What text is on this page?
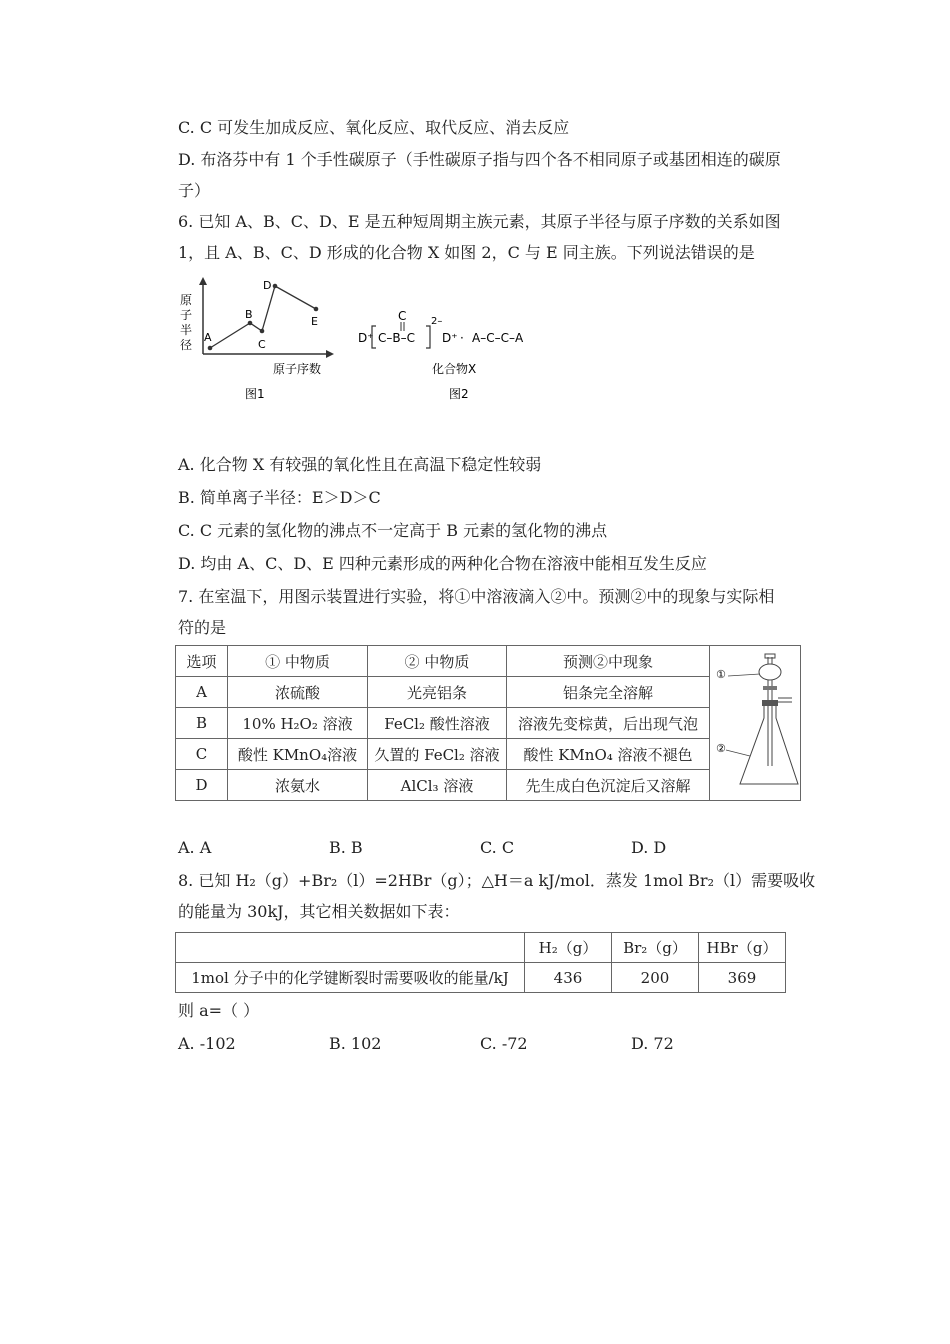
C. C 可发生加成反应、氧化反应、取代反应、消去反应
D. 布洛芬中有 1 个手性碳原子（手性碳原子指与四个各不相同原子或基团相连的碳原
子）
6. 已知 A、B、C、D、E 是五种短周期主族元素，其原子半径与原子序数的关系如图
1，且 A、B、C、D 形成的化合物 X 如图 2，C 与 E 同主族。下列说法错误的是
原
子
半
径
A
B
C
D
E
原子序数
图1
D⁺
C
C–B–C
2–
D⁺ · A–C–C–A
化合物X
图2
A. 化合物 X 有较强的氧化性且在高温下稳定性较弱
B. 简单离子半径：E＞D＞C
C. C 元素的氢化物的沸点不一定高于 B 元素的氢化物的沸点
D. 均由 A、C、D、E 四种元素形成的两种化合物在溶液中能相互发生反应
7. 在室温下，用图示装置进行实验，将①中溶液滴入②中。预测②中的现象与实际相
符的是
选项	① 中物质	② 中物质	预测②中现象	①
②

A	浓硫酸	光亮铝条	铝条完全溶解	
B	10% H₂O₂ 溶液	FeCl₂ 酸性溶液	溶液先变棕黄，后出现气泡	
C	酸性 KMnO₄溶液	久置的 FeCl₂ 溶液	酸性 KMnO₄ 溶液不褪色	
D	浓氨水	AlCl₃ 溶液	先生成白色沉淀后又溶解	
A. A	B. B	C. C	D. D
8. 已知 H₂（g）+Br₂（l）=2HBr（g）；△H＝a kJ/mol．蒸发 1mol Br₂（l）需要吸收
的能量为 30kJ，其它相关数据如下表：
	H₂（g）	Br₂（g）	HBr（g）
1mol 分子中的化学键断裂时需要吸收的能量/kJ	436	200	369
则 a=（ ）
A. -102	B. 102	C. -72	D. 72
